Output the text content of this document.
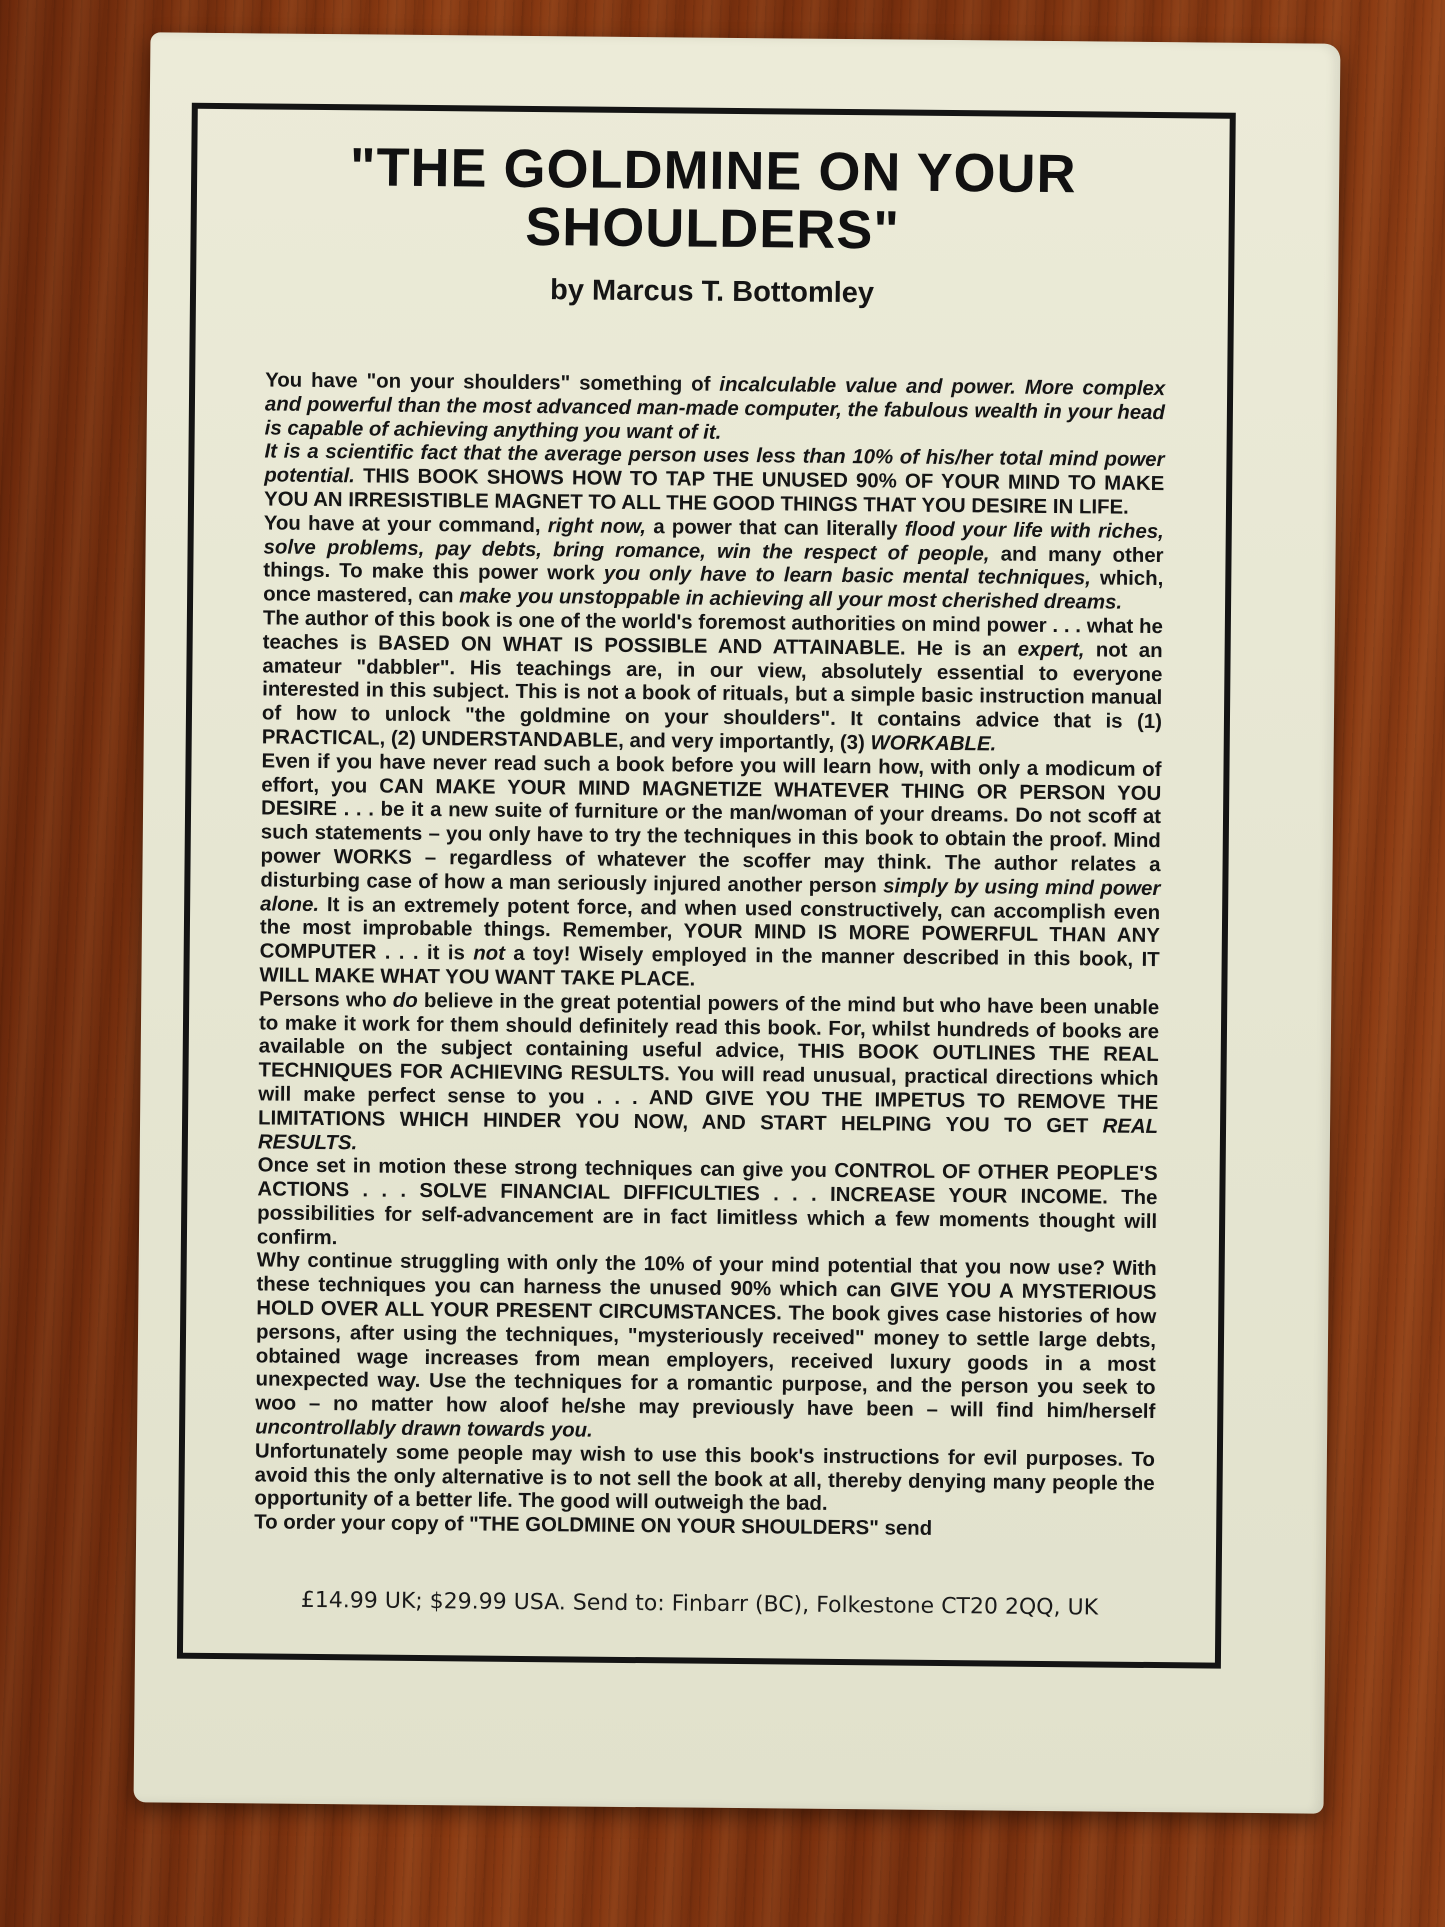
"THE GOLDMINE ON YOUR SHOULDERS"
by Marcus T. Bottomley

You have "on your shoulders" something of incalculable value and power. More complex and powerful than the most advanced man-made computer, the fabulous wealth in your head is capable of achieving anything you want of it.

It is a scientific fact that the average person uses less than 10% of his/her total mind power potential. THIS BOOK SHOWS HOW TO TAP THE UNUSED 90% OF YOUR MIND TO MAKE YOU AN IRRESISTIBLE MAGNET TO ALL THE GOOD THINGS THAT YOU DESIRE IN LIFE.

You have at your command, right now, a power that can literally flood your life with riches, solve problems, pay debts, bring romance, win the respect of people, and many other things. To make this power work you only have to learn basic mental techniques, which, once mastered, can make you unstoppable in achieving all your most cherished dreams.

The author of this book is one of the world's foremost authorities on mind power . . . what he teaches is BASED ON WHAT IS POSSIBLE AND ATTAINABLE. He is an expert, not an amateur "dabbler". His teachings are, in our view, absolutely essential to everyone interested in this subject. This is not a book of rituals, but a simple basic instruction manual of how to unlock "the goldmine on your shoulders". It contains advice that is (1) PRACTICAL, (2) UNDERSTANDABLE, and very importantly, (3) WORKABLE.

Even if you have never read such a book before you will learn how, with only a modicum of effort, you CAN MAKE YOUR MIND MAGNETIZE WHATEVER THING OR PERSON YOU DESIRE . . . be it a new suite of furniture or the man/woman of your dreams. Do not scoff at such statements – you only have to try the techniques in this book to obtain the proof. Mind power WORKS – regardless of whatever the scoffer may think. The author relates a disturbing case of how a man seriously injured another person simply by using mind power alone. It is an extremely potent force, and when used constructively, can accomplish even the most improbable things. Remember, YOUR MIND IS MORE POWERFUL THAN ANY COMPUTER . . . it is not a toy! Wisely employed in the manner described in this book, IT WILL MAKE WHAT YOU WANT TAKE PLACE.

Persons who do believe in the great potential powers of the mind but who have been unable to make it work for them should definitely read this book. For, whilst hundreds of books are available on the subject containing useful advice, THIS BOOK OUTLINES THE REAL TECHNIQUES FOR ACHIEVING RESULTS. You will read unusual, practical directions which will make perfect sense to you . . . AND GIVE YOU THE IMPETUS TO REMOVE THE LIMITATIONS WHICH HINDER YOU NOW, AND START HELPING YOU TO GET REAL RESULTS.

Once set in motion these strong techniques can give you CONTROL OF OTHER PEOPLE'S ACTIONS . . . SOLVE FINANCIAL DIFFICULTIES . . . INCREASE YOUR INCOME. The possibilities for self-advancement are in fact limitless which a few moments thought will confirm.

Why continue struggling with only the 10% of your mind potential that you now use? With these techniques you can harness the unused 90% which can GIVE YOU A MYSTERIOUS HOLD OVER ALL YOUR PRESENT CIRCUMSTANCES. The book gives case histories of how persons, after using the techniques, "mysteriously received" money to settle large debts, obtained wage increases from mean employers, received luxury goods in a most unexpected way. Use the techniques for a romantic purpose, and the person you seek to woo – no matter how aloof he/she may previously have been – will find him/herself uncontrollably drawn towards you.

Unfortunately some people may wish to use this book's instructions for evil purposes. To avoid this the only alternative is to not sell the book at all, thereby denying many people the opportunity of a better life. The good will outweigh the bad.

To order your copy of "THE GOLDMINE ON YOUR SHOULDERS" send

£14.99 UK; $29.99 USA. Send to: Finbarr (BC), Folkestone CT20 2QQ, UK
